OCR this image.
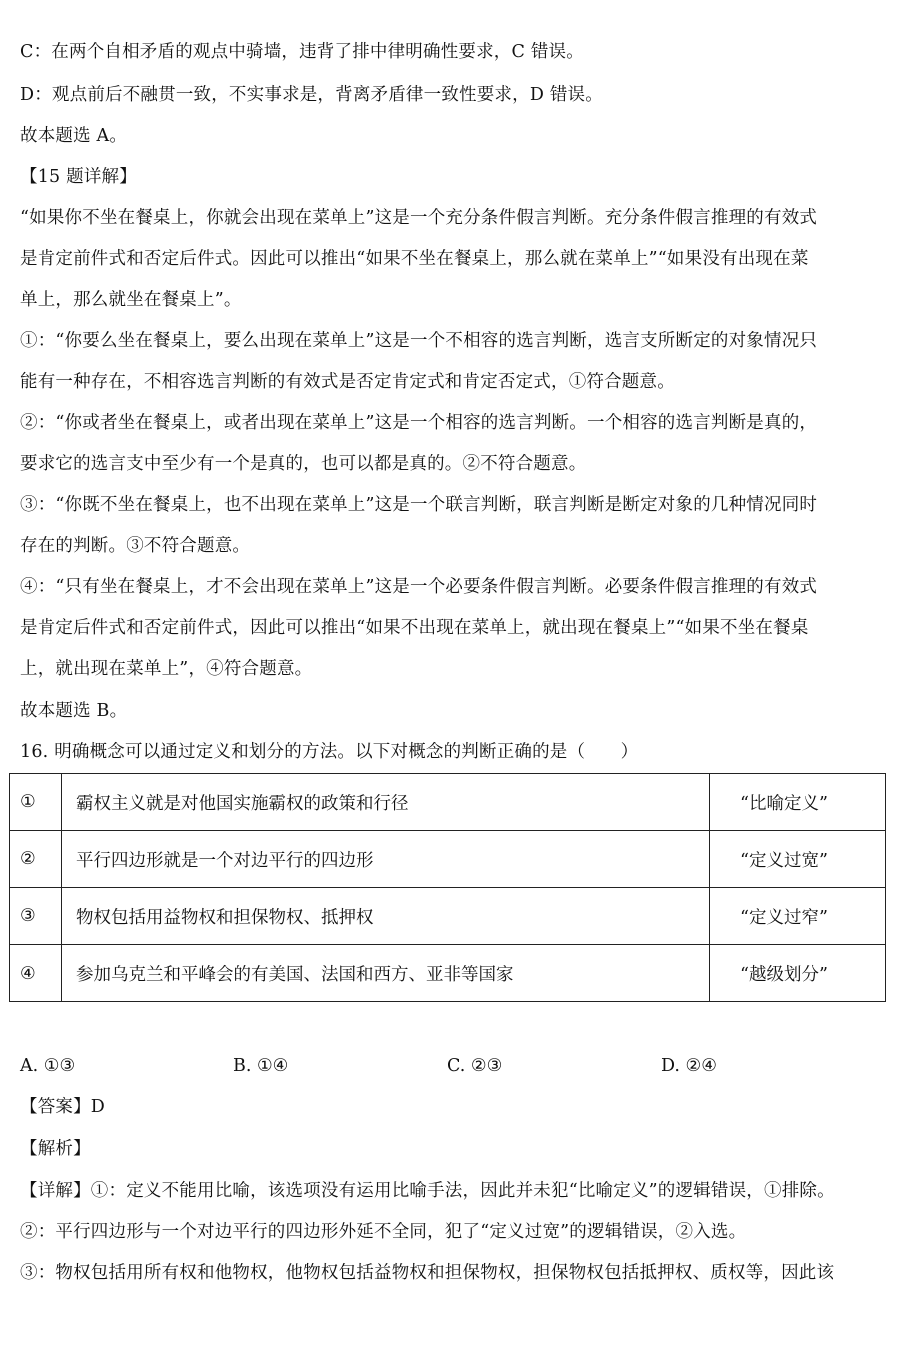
C：在两个自相矛盾的观点中骑墙，违背了排中律明确性要求，C 错误。
D：观点前后不融贯一致，不实事求是，背离矛盾律一致性要求，D 错误。
故本题选 A。
【15 题详解】
“如果你不坐在餐桌上，你就会出现在菜单上”这是一个充分条件假言判断。充分条件假言推理的有效式
是肯定前件式和否定后件式。因此可以推出“如果不坐在餐桌上，那么就在菜单上”“如果没有出现在菜
单上，那么就坐在餐桌上”。
①：“你要么坐在餐桌上，要么出现在菜单上”这是一个不相容的选言判断，选言支所断定的对象情况只
能有一种存在，不相容选言判断的有效式是否定肯定式和肯定否定式，①符合题意。
②：“你或者坐在餐桌上，或者出现在菜单上”这是一个相容的选言判断。一个相容的选言判断是真的，
要求它的选言支中至少有一个是真的，也可以都是真的。②不符合题意。
③：“你既不坐在餐桌上，也不出现在菜单上”这是一个联言判断，联言判断是断定对象的几种情况同时
存在的判断。③不符合题意。
④：“只有坐在餐桌上，才不会出现在菜单上”这是一个必要条件假言判断。必要条件假言推理的有效式
是肯定后件式和否定前件式，因此可以推出“如果不出现在菜单上，就出现在餐桌上”“如果不坐在餐桌
上，就出现在菜单上”，④符合题意。
故本题选 B。
16. 明确概念可以通过定义和划分的方法。以下对概念的判断正确的是（　　）
①	霸权主义就是对他国实施霸权的政策和行径	“比喻定义”
②	平行四边形就是一个对边平行的四边形	“定义过宽”
③	物权包括用益物权和担保物权、抵押权	“定义过窄”
④	参加乌克兰和平峰会的有美国、法国和西方、亚非等国家	“越级划分”
A. ①③	B. ①④	C. ②③	D. ②④
【答案】D
【解析】
【详解】①：定义不能用比喻，该选项没有运用比喻手法，因此并未犯“比喻定义”的逻辑错误，①排除。
②：平行四边形与一个对边平行的四边形外延不全同，犯了“定义过宽”的逻辑错误，②入选。
③：物权包括用所有权和他物权，他物权包括益物权和担保物权，担保物权包括抵押权、质权等，因此该
